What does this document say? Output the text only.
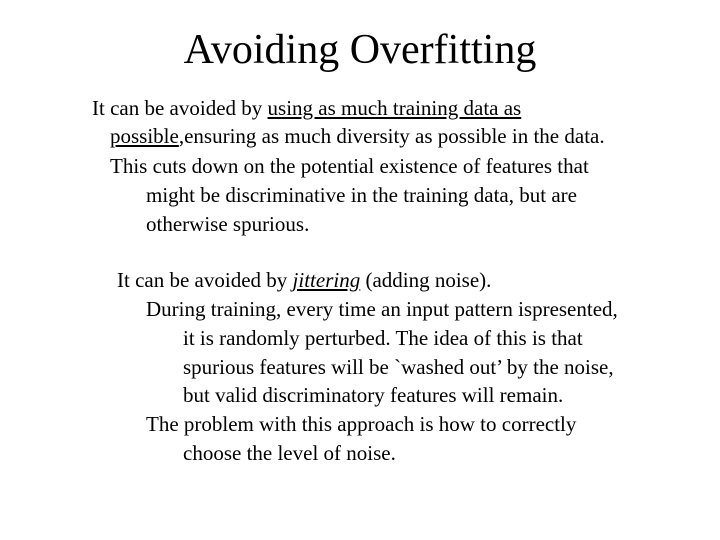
Avoiding Overfitting
It can be avoided by using as much training data as
possible,ensuring as much diversity as possible in the data.
This cuts down on the potential existence of features that
might be discriminative in the training data, but are
otherwise spurious.
It can be avoided by jittering (adding noise).
During training, every time an input pattern ispresented,
it is randomly perturbed. The idea of this is that
spurious features will be `washed out’ by the noise,
but valid discriminatory features will remain.
The problem with this approach is how to correctly
choose the level of noise.
